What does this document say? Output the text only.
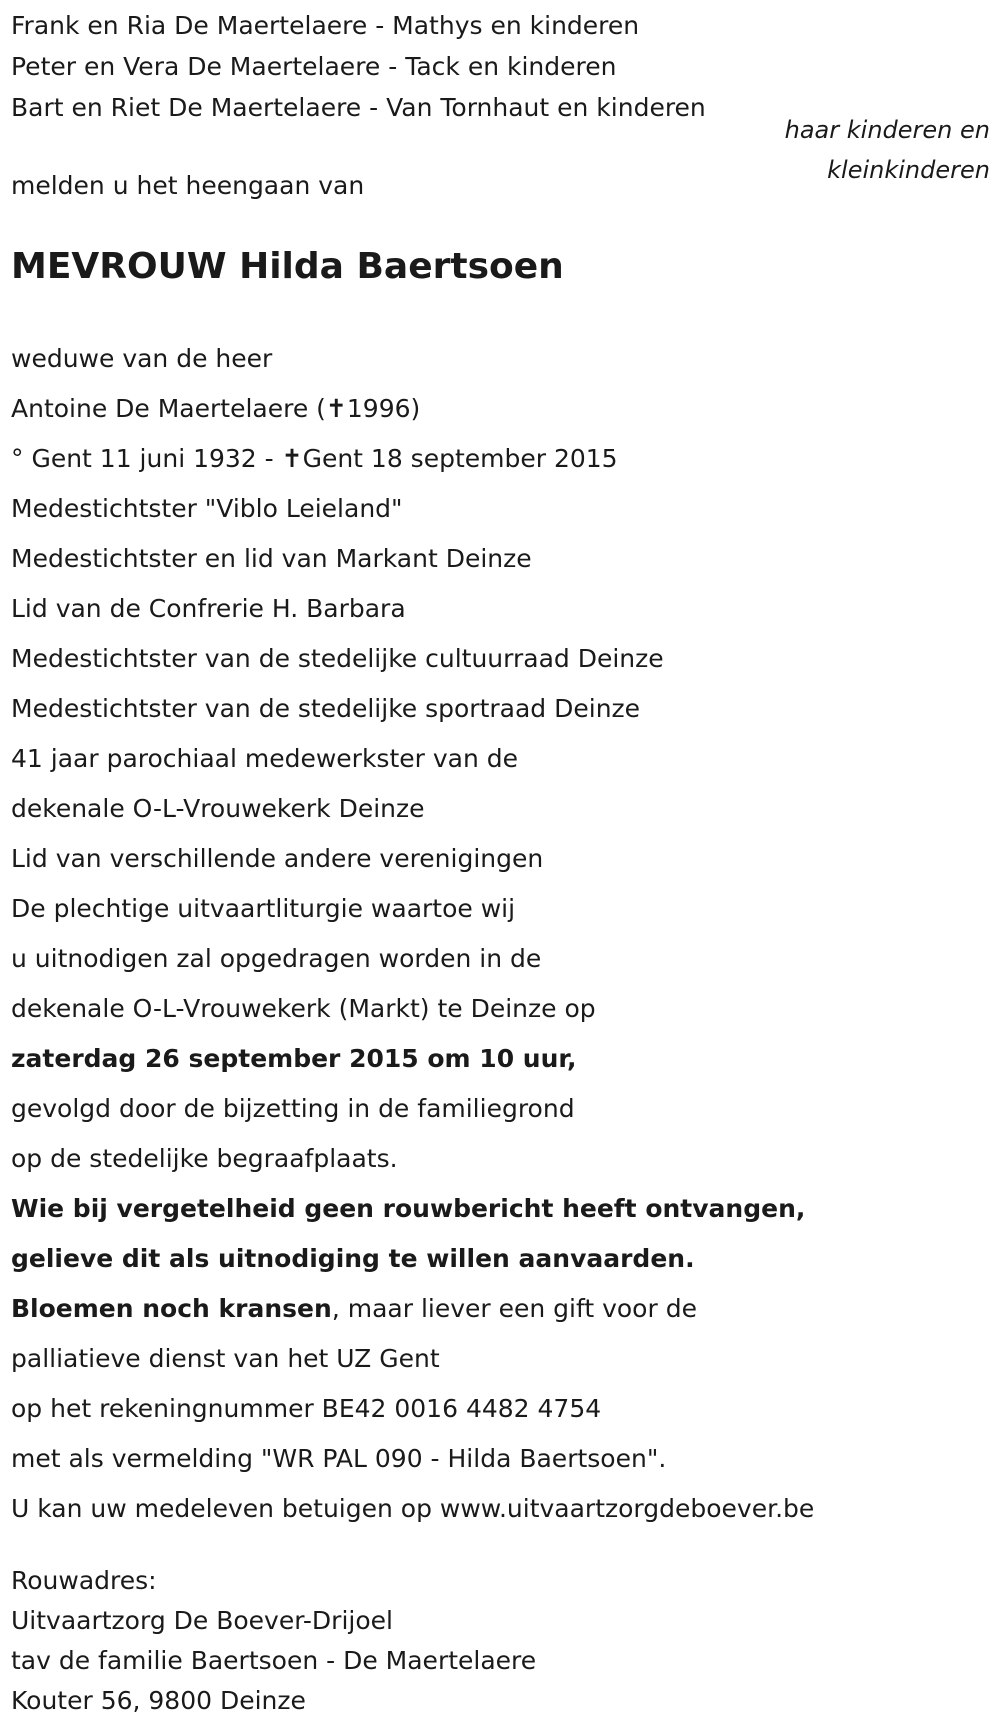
Frank en Ria De Maertelaere - Mathys en kinderen
Peter en Vera De Maertelaere - Tack en kinderen
Bart en Riet De Maertelaere - Van Tornhaut en kinderen
haar kinderen en
kleinkinderen
melden u het heengaan van
MEVROUW Hilda Baertsoen
weduwe van de heer
Antoine De Maertelaere (✝1996)
° Gent 11 juni 1932 - ✝Gent 18 september 2015
Medestichtster "Viblo Leieland"
Medestichtster en lid van Markant Deinze
Lid van de Confrerie H. Barbara
Medestichtster van de stedelijke cultuurraad Deinze
Medestichtster van de stedelijke sportraad Deinze
41 jaar parochiaal medewerkster van de
dekenale O-L-Vrouwekerk Deinze
Lid van verschillende andere verenigingen
De plechtige uitvaartliturgie waartoe wij
u uitnodigen zal opgedragen worden in de
dekenale O-L-Vrouwekerk (Markt) te Deinze op
zaterdag 26 september 2015 om 10 uur,
gevolgd door de bijzetting in de familiegrond
op de stedelijke begraafplaats.
Wie bij vergetelheid geen rouwbericht heeft ontvangen,
gelieve dit als uitnodiging te willen aanvaarden.
Bloemen noch kransen, maar liever een gift voor de
palliatieve dienst van het UZ Gent
op het rekeningnummer BE42 0016 4482 4754
met als vermelding "WR PAL 090 - Hilda Baertsoen".
U kan uw medeleven betuigen op www.uitvaartzorgdeboever.be
Rouwadres:
Uitvaartzorg De Boever-Drijoel
tav de familie Baertsoen - De Maertelaere
Kouter 56, 9800 Deinze
